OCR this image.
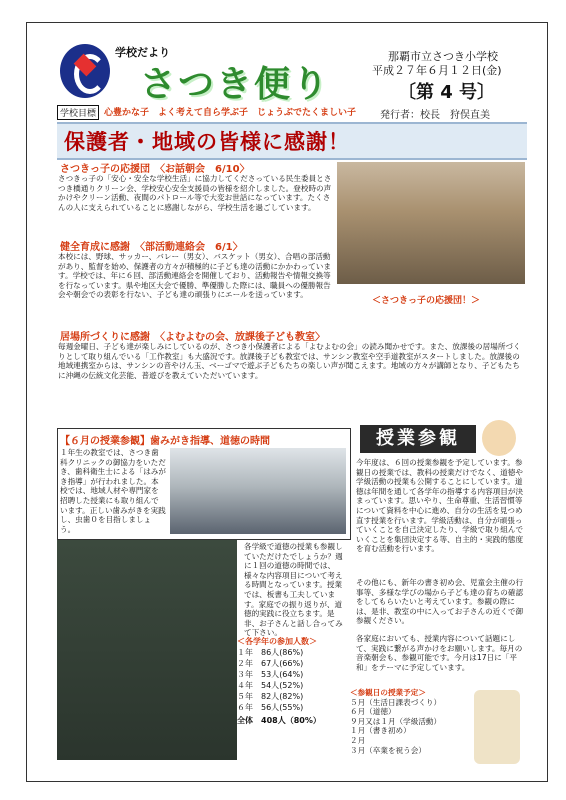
学校だより
さつき便り
那覇市立さつき小学校
平成２７年６月１２日(金)
〔第 4 号〕
発行者：校長　狩俣直美
学校目標 心豊かな子　よく考えて自ら学ぶ子　じょうぶでたくましい子
保護者・地域の皆様に感謝！
さつきっ子の応援団　〈お話朝会　6/10〉
さつきっ子の「安心・安全な学校生活」に協力してくださっている民生委員とさつき橋通りクリーン会、学校安心安全支援員の皆様を紹介しました。登校時の声かけやクリーン活動、夜間のパトロール等で大変お世話になっています。たくさんの人に支えられていることに感謝しながら、学校生活を過ごしています。
＜さつきっ子の応援団！＞
健全育成に感謝　〈部活動連絡会　6/1〉
本校には、野球、サッカー、バレー（男女）、バスケット（男女）、合唱の部活動があり、監督を始め、保護者の方々が積極的に子ども達の活動にかかわっています。学校では、年に６回、部活動連絡会を開催しており、活動報告や情報交換等を行なっています。県や地区大会で優勝、準優勝した際には、職員への優勝報告会や朝会での表彰を行ない、子ども達の頑張りにエールを送っています。
居場所づくりに感謝　〈よむよむの会、放課後子ども教室〉
毎週金曜日、子ども達が楽しみにしているのが、さつき小保護者による「よむよむの会」の読み聞かせです。また、放課後の居場所づくりとして取り組んでいる「工作教室」も大盛況です。放課後子ども教室では、サンシン教室や空手道教室がスタートしました。放課後の地域連携室からは、サンシンの音やけん玉、ベーゴマで遊ぶ子どもたちの楽しい声が聞こえます。地域の方々が講師となり、子どもたちに沖縄の伝統文化芸能、普遊びを教えていただいています。
【６月の授業参観】歯みがき指導、道徳の時間
１年生の教室では、さつき歯科クリニックの御協力をいただき、歯科衛生士による「はみがき指導」が行われました。本校では、地域人材や専門家を招聘した授業にも取り組んでいます。正しい歯みがきを実践し、虫歯０を目指しましょう。
各学級で道徳の授業も参観していただけたでしょうか？週に１回の道徳の時間では、様々な内容項目について考える時間となっています。授業では、板書も工夫しています。家庭での振り返りが、道徳的実践に役立ちます。是非、お子さんと話し合ってみて下さい。
＜各学年の参加人数＞
１年　 86人(86%)
２年　 67人(66%)
３年　 53人(64%)
４年　 54人(52%)
５年　 82人(82%)
６年　 56人(55%)
全体　408人（80%）
授業参観
今年度は、６回の授業参観を予定しています。参観日の授業では、教科の授業だけでなく、道徳や学級活動の授業も公開することにしています。道徳は年間を通して各学年の指導する内容項目が決まっています。思いやり、生命尊重、生活習慣等について資料を中心に進め、自分の生活を見つめ直す授業を行います。学級活動は、自分が頑張っていくことを自己決定したり、学級で取り組んでいくことを集団決定する等、自主的・実践的態度を育む活動を行います。
その他にも、新年の書き初め会、児童会主催の行事等、多様な学びの場から子ども達の育ちの確認をしてもらいたいと考えています。参観の際には、是非、教室の中に入ってお子さんの近くで御参観ください。
各家庭においても、授業内容について話題にして、実践に繋がる声かけをお願いします。毎月の音楽朝会も、参観可能です。今月は17日に「平和」をテーマに予定しています。
＜参観日の授業予定＞
５月（生活日課表づくり）
６月（道徳）
９月又は１月（学級活動）
１月（書き初め）
２月
３月（卒業を祝う会）
